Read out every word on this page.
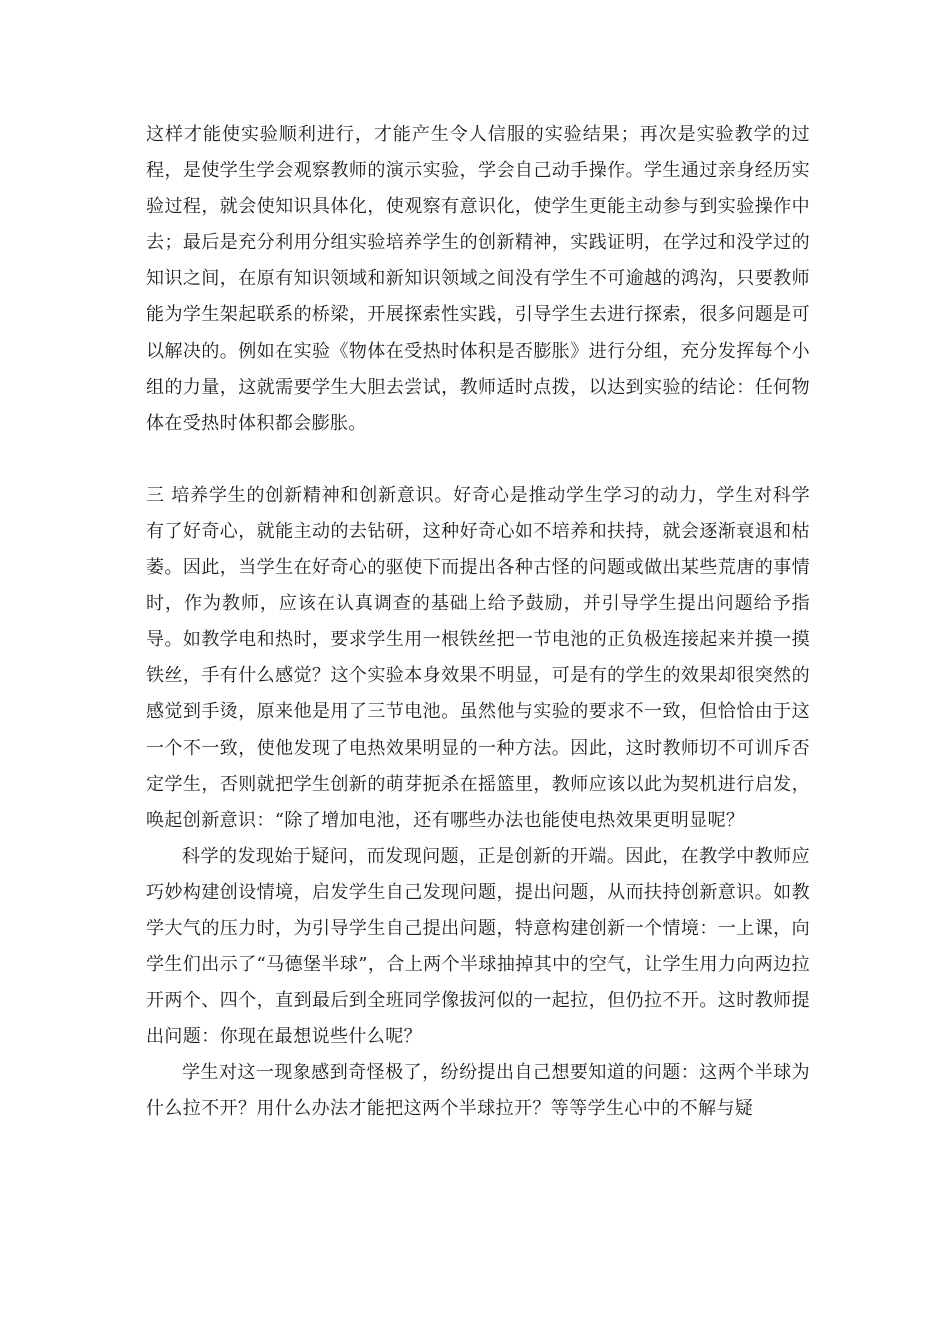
这样才能使实验顺利进行，才能产生令人信服的实验结果；再次是实验教学的过程，是使学生学会观察教师的演示实验，学会自己动手操作。学生通过亲身经历实验过程，就会使知识具体化，使观察有意识化，使学生更能主动参与到实验操作中去；最后是充分利用分组实验培养学生的创新精神，实践证明，在学过和没学过的知识之间，在原有知识领域和新知识领域之间没有学生不可逾越的鸿沟，只要教师能为学生架起联系的桥梁，开展探索性实践，引导学生去进行探索，很多问题是可以解决的。例如在实验《物体在受热时体积是否膨胀》进行分组，充分发挥每个小组的力量，这就需要学生大胆去尝试，教师适时点拨，以达到实验的结论：任何物体在受热时体积都会膨胀。

三 培养学生的创新精神和创新意识。好奇心是推动学生学习的动力，学生对科学有了好奇心，就能主动的去钻研，这种好奇心如不培养和扶持，就会逐渐衰退和枯萎。因此，当学生在好奇心的驱使下而提出各种古怪的问题或做出某些荒唐的事情时，作为教师，应该在认真调查的基础上给予鼓励，并引导学生提出问题给予指导。如教学电和热时，要求学生用一根铁丝把一节电池的正负极连接起来并摸一摸铁丝，手有什么感觉？这个实验本身效果不明显，可是有的学生的效果却很突然的感觉到手烫，原来他是用了三节电池。虽然他与实验的要求不一致，但恰恰由于这一个不一致，使他发现了电热效果明显的一种方法。因此，这时教师切不可训斥否定学生，否则就把学生创新的萌芽扼杀在摇篮里，教师应该以此为契机进行启发，唤起创新意识：“除了增加电池，还有哪些办法也能使电热效果更明显呢？

科学的发现始于疑问，而发现问题，正是创新的开端。因此，在教学中教师应巧妙构建创设情境，启发学生自己发现问题，提出问题，从而扶持创新意识。如教学大气的压力时，为引导学生自己提出问题，特意构建创新一个情境：一上课，向学生们出示了“马德堡半球”，合上两个半球抽掉其中的空气，让学生用力向两边拉开两个、四个，直到最后到全班同学像拔河似的一起拉，但仍拉不开。这时教师提出问题：你现在最想说些什么呢？

学生对这一现象感到奇怪极了，纷纷提出自己想要知道的问题：这两个半球为什么拉不开？用什么办法才能把这两个半球拉开？等等学生心中的不解与疑
